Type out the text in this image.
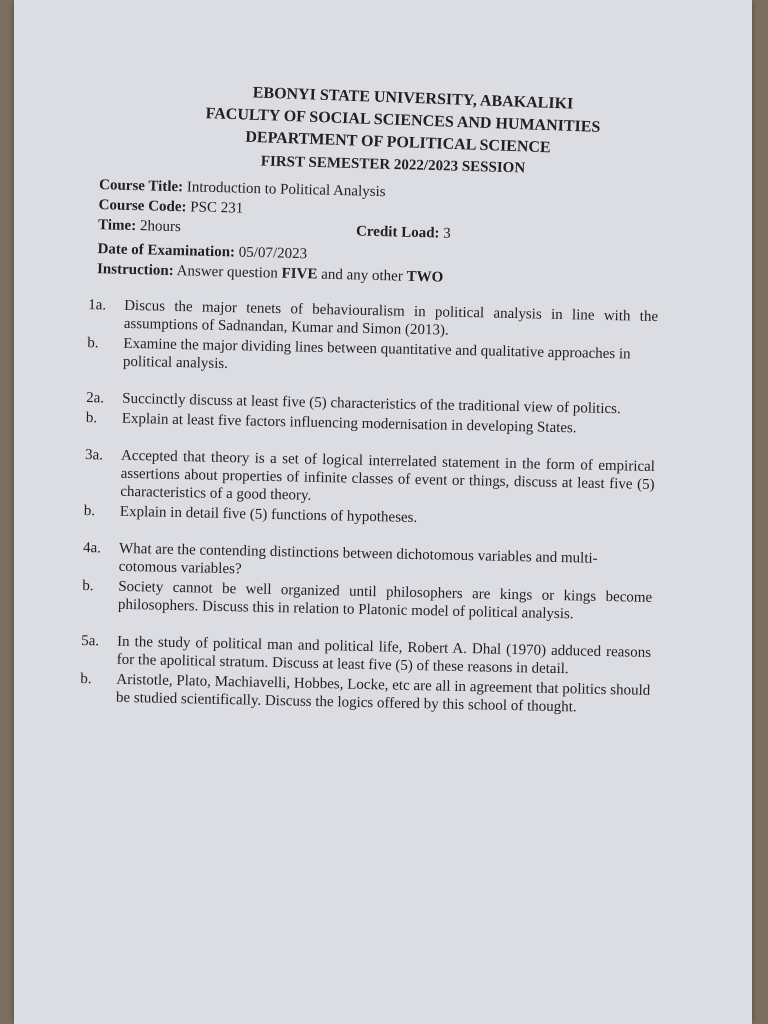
EBONYI STATE UNIVERSITY, ABAKALIKI
FACULTY OF SOCIAL SCIENCES AND HUMANITIES
DEPARTMENT OF POLITICAL SCIENCE
FIRST SEMESTER 2022/2023 SESSION
Course Title: Introduction to Political Analysis
Course Code: PSC 231
Credit Load: 3
Time: 2hours
Date of Examination: 05/07/2023
Instruction: Answer question FIVE and any other TWO
1a. Discus the major tenets of behaviouralism in political analysis in line with the assumptions of Sadnandan, Kumar and Simon (2013).
b. Examine the major dividing lines between quantitative and qualitative approaches in political analysis.
2a. Succinctly discuss at least five (5) characteristics of the traditional view of politics.
b. Explain at least five factors influencing modernisation in developing States.
3a. Accepted that theory is a set of logical interrelated statement in the form of empirical assertions about properties of infinite classes of event or things, discuss at least five (5) characteristics of a good theory.
b. Explain in detail five (5) functions of hypotheses.
4a. What are the contending distinctions between dichotomous variables and multi-cotomous variables?
b. Society cannot be well organized until philosophers are kings or kings become philosophers. Discuss this in relation to Platonic model of political analysis.
5a. In the study of political man and political life, Robert A. Dhal (1970) adduced reasons for the apolitical stratum. Discuss at least five (5) of these reasons in detail.
b. Aristotle, Plato, Machiavelli, Hobbes, Locke, etc are all in agreement that politics should be studied scientifically. Discuss the logics offered by this school of thought.
